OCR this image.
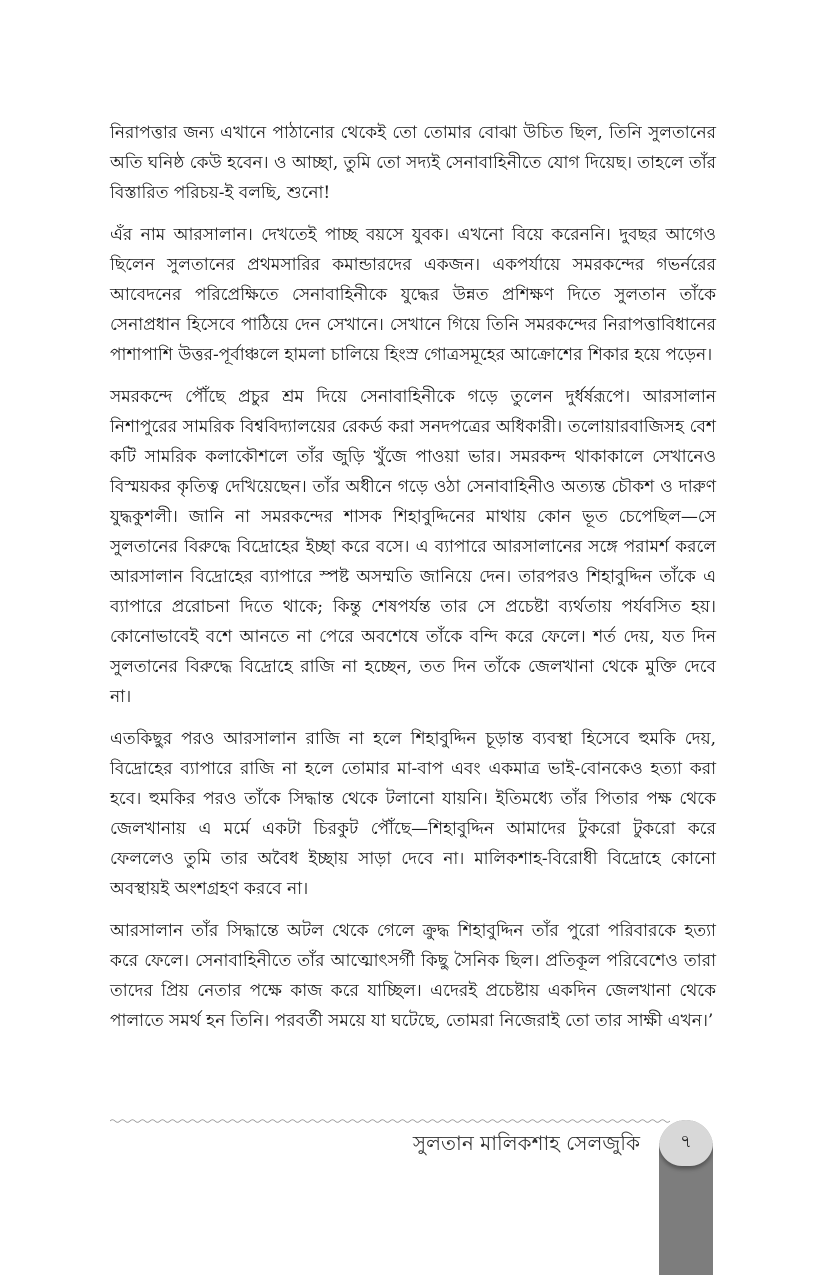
নিরাপত্তার জন্য এখানে পাঠানোর থেকেই তো তোমার বোঝা উচিত ছিল, তিনি সুলতানের অতি ঘনিষ্ঠ কেউ হবেন। ও আচ্ছা, তুমি তো সদ্যই সেনাবাহিনীতে যোগ দিয়েছ। তাহলে তাঁর বিস্তারিত পরিচয়-ই বলছি, শুনো!

এঁর নাম আরসালান। দেখতেই পাচ্ছ বয়সে যুবক। এখনো বিয়ে করেননি। দুবছর আগেও ছিলেন সুলতানের প্রথমসারির কমান্ডারদের একজন। একপর্যায়ে সমরকন্দের গভর্নরের আবেদনের পরিপ্রেক্ষিতে সেনাবাহিনীকে যুদ্ধের উন্নত প্রশিক্ষণ দিতে সুলতান তাঁকে সেনাপ্রধান হিসেবে পাঠিয়ে দেন সেখানে। সেখানে গিয়ে তিনি সমরকন্দের নিরাপত্তাবিধানের পাশাপাশি উত্তর-পূর্বাঞ্চলে হামলা চালিয়ে হিংস্র গোত্রসমূহের আক্রোশের শিকার হয়ে পড়েন।

সমরকন্দে পৌঁছে প্রচুর শ্রম দিয়ে সেনাবাহিনীকে গড়ে তুলেন দুর্ধর্ষরূপে। আরসালান নিশাপুরের সামরিক বিশ্ববিদ্যালয়ের রেকর্ড করা সনদপত্রের অধিকারী। তলোয়ারবাজিসহ বেশ কটি সামরিক কলাকৌশলে তাঁর জুড়ি খুঁজে পাওয়া ভার। সমরকন্দ থাকাকালে সেখানেও বিস্ময়কর কৃতিত্ব দেখিয়েছেন। তাঁর অধীনে গড়ে ওঠা সেনাবাহিনীও অত্যন্ত চৌকশ ও দারুণ যুদ্ধকুশলী। জানি না সমরকন্দের শাসক শিহাবুদ্দিনের মাথায় কোন ভূত চেপেছিল—সে সুলতানের বিরুদ্ধে বিদ্রোহের ইচ্ছা করে বসে। এ ব্যাপারে আরসালানের সঙ্গে পরামর্শ করলে আরসালান বিদ্রোহের ব্যাপারে স্পষ্ট অসম্মতি জানিয়ে দেন। তারপরও শিহাবুদ্দিন তাঁকে এ ব্যাপারে প্ররোচনা দিতে থাকে; কিন্তু শেষপর্যন্ত তার সে প্রচেষ্টা ব্যর্থতায় পর্যবসিত হয়। কোনোভাবেই বশে আনতে না পেরে অবশেষে তাঁকে বন্দি করে ফেলে। শর্ত দেয়, যত দিন সুলতানের বিরুদ্ধে বিদ্রোহে রাজি না হচ্ছেন, তত দিন তাঁকে জেলখানা থেকে মুক্তি দেবে না।

এতকিছুর পরও আরসালান রাজি না হলে শিহাবুদ্দিন চূড়ান্ত ব্যবস্থা হিসেবে হুমকি দেয়, বিদ্রোহের ব্যাপারে রাজি না হলে তোমার মা-বাপ এবং একমাত্র ভাই-বোনকেও হত্যা করা হবে। হুমকির পরও তাঁকে সিদ্ধান্ত থেকে টলানো যায়নি। ইতিমধ্যে তাঁর পিতার পক্ষ থেকে জেলখানায় এ মর্মে একটা চিরকুট পৌঁছে—শিহাবুদ্দিন আমাদের টুকরো টুকরো করে ফেললেও তুমি তার অবৈধ ইচ্ছায় সাড়া দেবে না। মালিকশাহ-বিরোধী বিদ্রোহে কোনো অবস্থায়ই অংশগ্রহণ করবে না।

আরসালান তাঁর সিদ্ধান্তে অটল থেকে গেলে ক্রুদ্ধ শিহাবুদ্দিন তাঁর পুরো পরিবারকে হত্যা করে ফেলে। সেনাবাহিনীতে তাঁর আত্মোৎসর্গী কিছু সৈনিক ছিল। প্রতিকূল পরিবেশেও তারা তাদের প্রিয় নেতার পক্ষে কাজ করে যাচ্ছিল। এদেরই প্রচেষ্টায় একদিন জেলখানা থেকে পালাতে সমর্থ হন তিনি। পরবর্তী সময়ে যা ঘটেছে, তোমরা নিজেরাই তো তার সাক্ষী এখন।’

সুলতান মালিকশাহ সেলজুকি	৭
